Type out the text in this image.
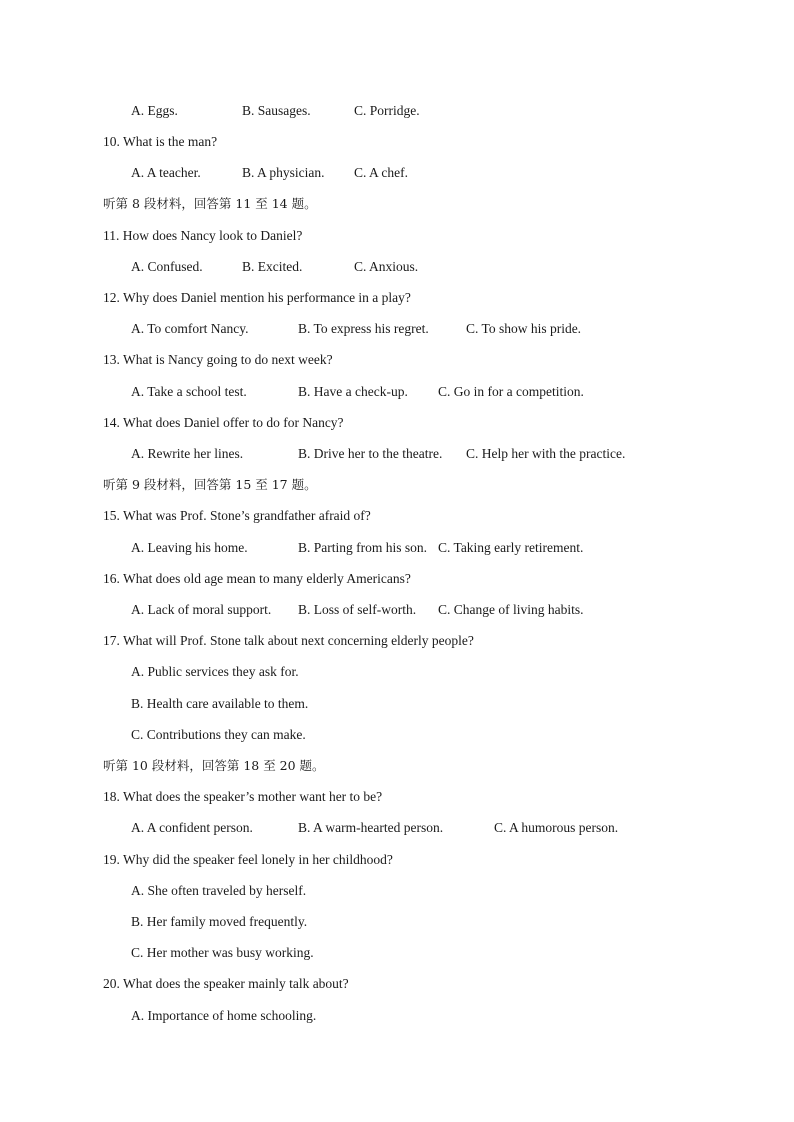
A. Eggs.	B. Sausages.	C. Porridge.
10. What is the man?
A. A teacher.	B. A physician. C. A chef.
听第 8 段材料，回答第 11 至 14 题。
11. How does Nancy look to Daniel?
A. Confused.	B. Excited.	C. Anxious.
12. Why does Daniel mention his performance in a play?
A. To comfort Nancy.	B. To express his regret.	C. To show his pride.
13. What is Nancy going to do next week?
A. Take a school test.	B. Have a check-up. C. Go in for a competition.
14. What does Daniel offer to do for Nancy?
A. Rewrite her lines.	B. Drive her to the theatre. C. Help her with the practice.
听第 9 段材料，回答第 15 至 17 题。
15. What was Prof. Stone’s grandfather afraid of?
A. Leaving his home.	B. Parting from his son. C. Taking early retirement.
16. What does old age mean to many elderly Americans?
A. Lack of moral support. B. Loss of self-worth. C. Change of living habits.
17. What will Prof. Stone talk about next concerning elderly people?
A. Public services they ask for.
B. Health care available to them.
C. Contributions they can make.
听第 10 段材料，回答第 18 至 20 题。
18. What does the speaker’s mother want her to be?
A. A confident person.	B. A warm-hearted person.	C. A humorous person.
19. Why did the speaker feel lonely in her childhood?
A. She often traveled by herself.
B. Her family moved frequently.
C. Her mother was busy working.
20. What does the speaker mainly talk about?
A. Importance of home schooling.
